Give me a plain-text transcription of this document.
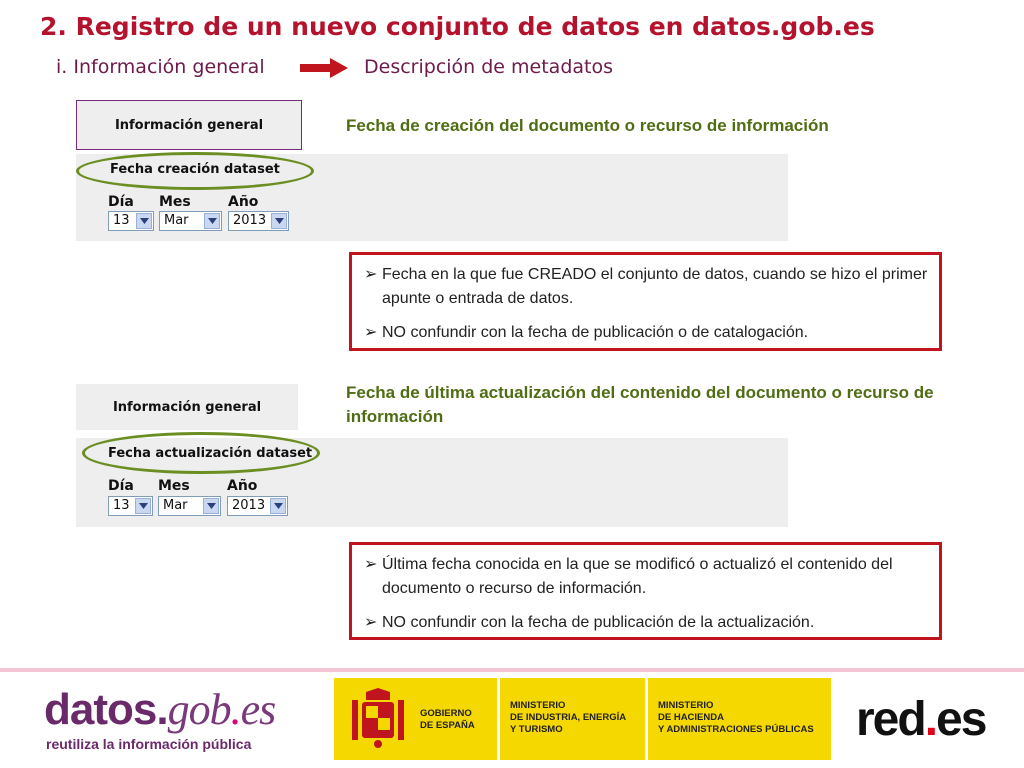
2. Registro de un nuevo conjunto de datos en datos.gob.es
i. Información general	Descripción de metadatos
Información general	Fecha de creación del documento o recurso de información
Fecha creación dataset
Día Mes	Año
13	Mar	2013
➢ Fecha en la que fue CREADO el conjunto de datos, cuando se hizo el primer apunte o entrada de datos.
➢ NO confundir con la fecha de publicación o de catalogación.
Información general
Fecha de última actualización del contenido del documento o recurso de información
Fecha actualización dataset
Día Mes	Año
13	Mar	2013
➢ Última fecha conocida en la que se modificó o actualizó el contenido del documento o recurso de información.
➢ NO confundir con la fecha de publicación de la actualización.
datos.gob.es
reutiliza la información pública
GOBIERNO
DE ESPAÑA
MINISTERIO
DE INDUSTRIA, ENERGÍA
Y TURISMO
MINISTERIO
DE HACIENDA
Y ADMINISTRACIONES PÚBLICAS red.es
